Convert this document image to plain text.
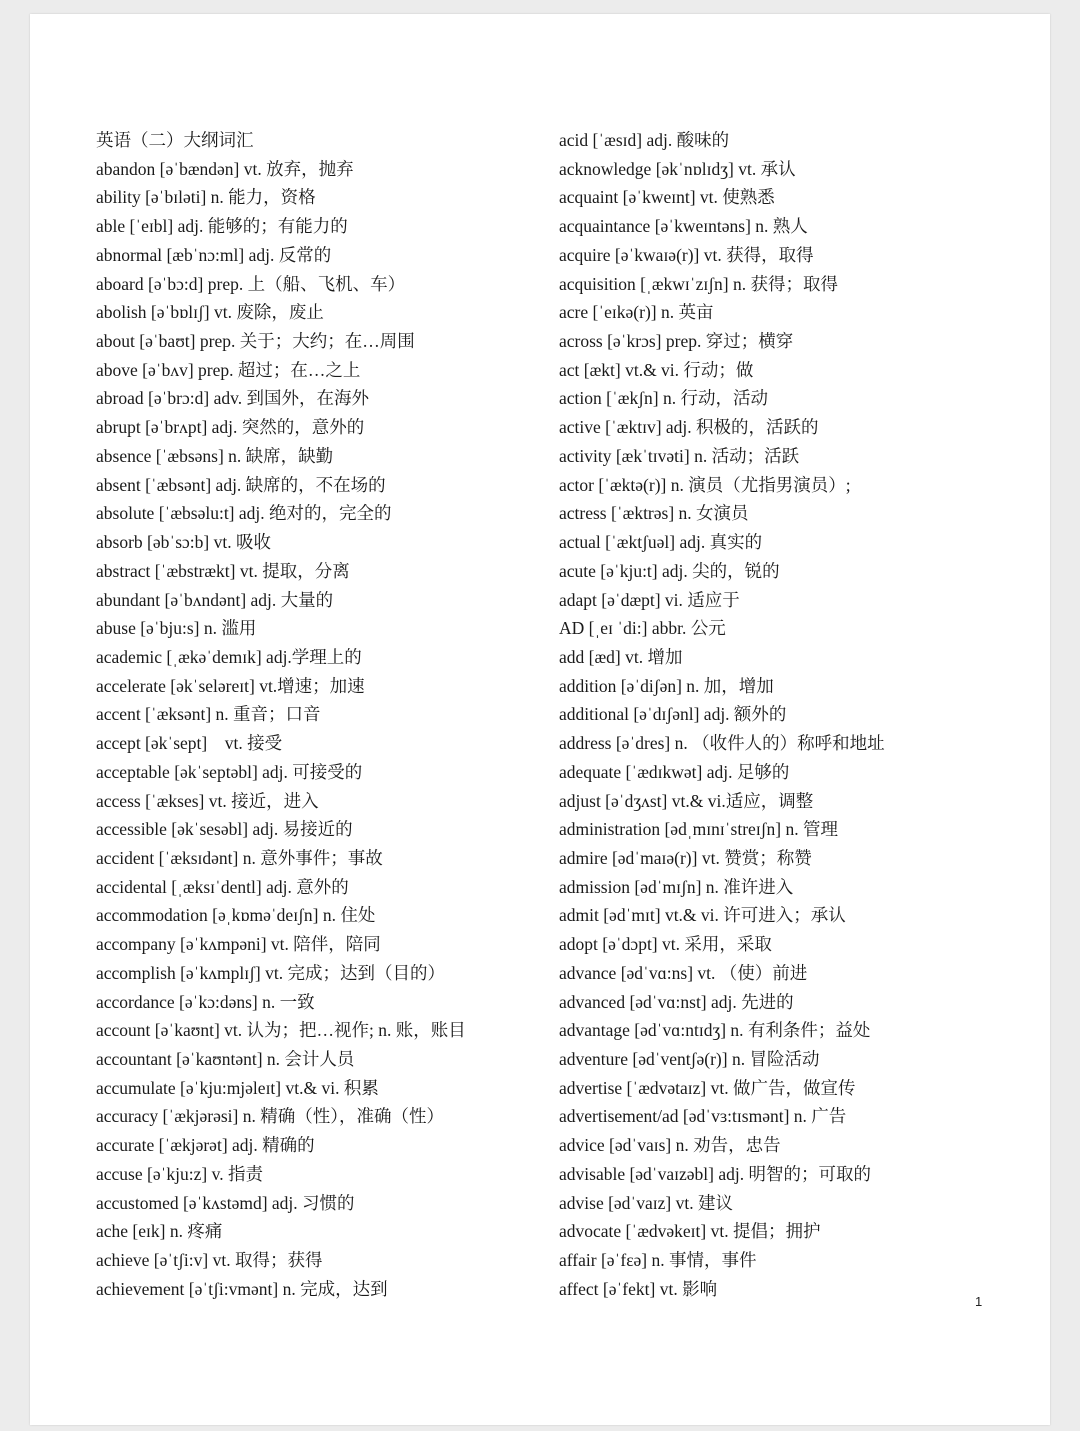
英语（二）大纲词汇
abandon [əˈbændən] vt. 放弃，抛弃
ability [əˈbɪləti] n. 能力，资格
able [ˈeɪbl] adj. 能够的；有能力的
abnormal [æbˈnɔ:ml] adj. 反常的
aboard [əˈbɔ:d] prep. 上（船、飞机、车）
abolish [əˈbɒlɪʃ] vt. 废除，废止
about [əˈbaʊt] prep. 关于；大约；在…周围
above [əˈbʌv] prep. 超过；在…之上
abroad [əˈbrɔ:d] adv. 到国外，在海外
abrupt [əˈbrʌpt] adj. 突然的，意外的
absence [ˈæbsəns] n. 缺席，缺勤
absent [ˈæbsənt] adj. 缺席的，不在场的
absolute [ˈæbsəlu:t] adj. 绝对的，完全的
absorb [əbˈsɔ:b] vt. 吸收
abstract [ˈæbstrækt] vt. 提取，分离
abundant [əˈbʌndənt] adj. 大量的
abuse [əˈbju:s] n. 滥用
academic [ˌækəˈdemɪk] adj.学理上的
accelerate [əkˈseləreɪt] vt.增速；加速
accent [ˈæksənt] n. 重音；口音
accept [əkˈsept]　vt. 接受
acceptable [əkˈseptəbl] adj. 可接受的
access [ˈækses] vt. 接近，进入
accessible [əkˈsesəbl] adj. 易接近的
accident [ˈæksɪdənt] n. 意外事件；事故
accidental [ˌæksɪˈdentl] adj. 意外的
accommodation [əˌkɒməˈdeɪʃn] n. 住处
accompany [əˈkʌmpəni] vt. 陪伴，陪同
accomplish [əˈkʌmplɪʃ] vt. 完成；达到（目的）
accordance [əˈkɔ:dəns] n. 一致
account [əˈkaʊnt] vt. 认为；把…视作; n. 账，账目
accountant [əˈkaʊntənt] n. 会计人员
accumulate [əˈkju:mjəleɪt] vt.& vi. 积累
accuracy [ˈækjərəsi] n. 精确（性），准确（性）
accurate [ˈækjərət] adj. 精确的
accuse [əˈkju:z] v. 指责
accustomed [əˈkʌstəmd] adj. 习惯的
ache [eɪk] n. 疼痛
achieve [əˈtʃi:v] vt. 取得；获得
achievement [əˈtʃi:vmənt] n. 完成，达到
acid [ˈæsɪd] adj. 酸味的
acknowledge [əkˈnɒlɪdʒ] vt. 承认
acquaint [əˈkweɪnt] vt. 使熟悉
acquaintance [əˈkweɪntəns] n. 熟人
acquire [əˈkwaɪə(r)] vt. 获得，取得
acquisition [ˌækwɪˈzɪʃn] n. 获得；取得
acre [ˈeɪkə(r)] n. 英亩
across [əˈkrɔs] prep. 穿过；横穿
act [ækt] vt.& vi. 行动；做
action [ˈækʃn] n. 行动，活动
active [ˈæktɪv] adj. 积极的，活跃的
activity [ækˈtɪvəti] n. 活动；活跃
actor [ˈæktə(r)] n. 演员（尤指男演员）;
actress [ˈæktrəs] n. 女演员
actual [ˈæktʃuəl] adj. 真实的
acute [əˈkju:t] adj. 尖的，锐的
adapt [əˈdæpt] vi. 适应于
AD [ˌeɪ ˈdi:] abbr. 公元
add [æd] vt. 增加
addition [əˈdiʃən] n. 加，增加
additional [əˈdɪʃənl] adj. 额外的
address [əˈdres] n. （收件人的）称呼和地址
adequate [ˈædɪkwət] adj. 足够的
adjust [əˈdʒʌst] vt.& vi.适应，调整
administration [ədˌmɪnɪˈstreɪʃn] n. 管理
admire [ədˈmaɪə(r)] vt. 赞赏；称赞
admission [ədˈmɪʃn] n. 准许进入
admit [ədˈmɪt] vt.& vi. 许可进入；承认
adopt [əˈdɔpt] vt. 采用，采取
advance [ədˈvɑ:ns] vt. （使）前进
advanced [ədˈvɑ:nst] adj. 先进的
advantage [ədˈvɑ:ntɪdʒ] n. 有利条件；益处
adventure [ədˈventʃə(r)] n. 冒险活动
advertise [ˈædvətaɪz] vt. 做广告，做宣传
advertisement/ad [ədˈvɜ:tɪsmənt] n. 广告
advice [ədˈvaɪs] n. 劝告，忠告
advisable [ədˈvaɪzəbl] adj. 明智的；可取的
advise [ədˈvaɪz] vt. 建议
advocate [ˈædvəkeɪt] vt. 提倡；拥护
affair [əˈfɛə] n. 事情，事件
affect [əˈfekt] vt. 影响
1
